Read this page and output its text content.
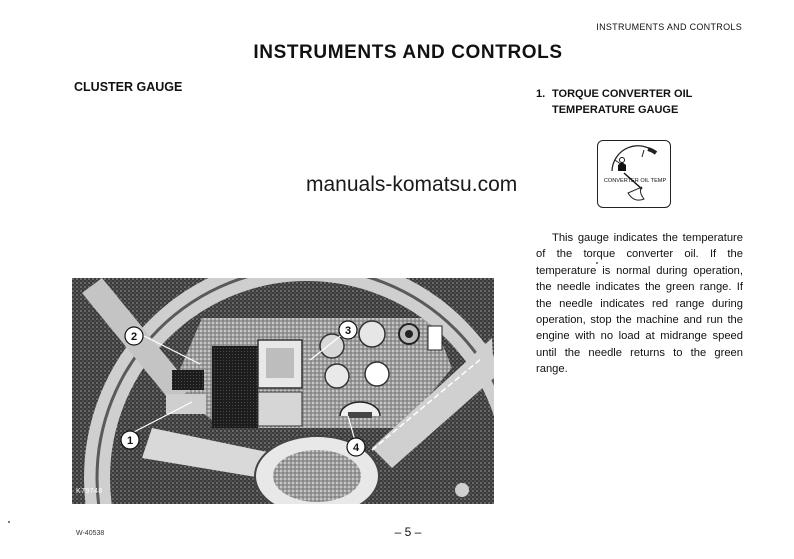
INSTRUMENTS AND CONTROLS
INSTRUMENTS AND CONTROLS
CLUSTER GAUGE	1. TORQUE CONVERTER OIL
TEMPERATURE GAUGE
CONVERTER OIL TEMP
manuals-komatsu.com
This gauge indicates the temperature of the torque converter oil. If the temperature is normal during operation, the needle indicates the green range. If the needle indicates red range during operation, stop the machine and run the engine with no load at midrange speed until the needle returns to the green range.
1
2	3
4
K79748
W-40538	– 5 –
